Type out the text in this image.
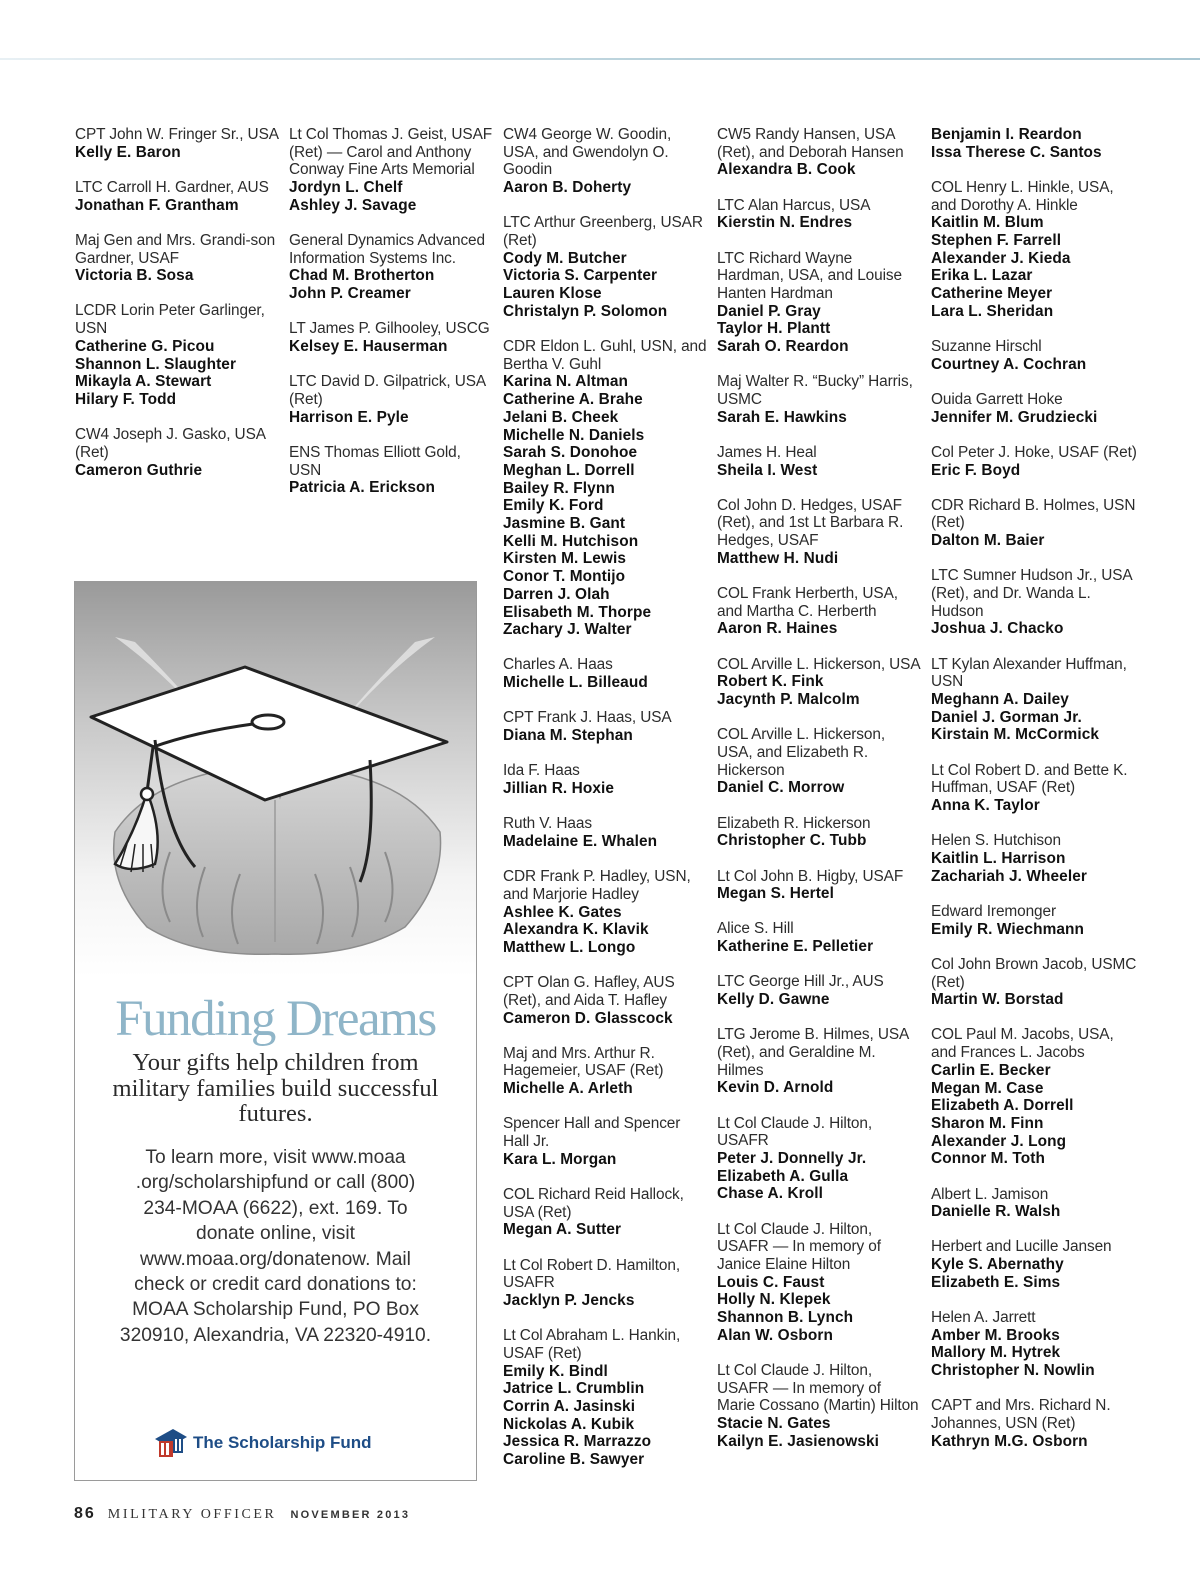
CPT John W. Fringer Sr., USA
Kelly E. Baron
LTC Carroll H. Gardner, AUS
Jonathan F. Grantham
Maj Gen and Mrs. Grandi-son Gardner, USAF
Victoria B. Sosa
LCDR Lorin Peter Garlinger, USN
Catherine G. Picou
Shannon L. Slaughter
Mikayla A. Stewart
Hilary F. Todd
CW4 Joseph J. Gasko, USA (Ret)
Cameron Guthrie
Lt Col Thomas J. Geist, USAF (Ret) — Carol and Anthony Conway Fine Arts Memorial
Jordyn L. Chelf
Ashley J. Savage
General Dynamics Advanced Information Systems Inc.
Chad M. Brotherton
John P. Creamer
LT James P. Gilhooley, USCG
Kelsey E. Hauserman
LTC David D. Gilpatrick, USA (Ret)
Harrison E. Pyle
ENS Thomas Elliott Gold, USN
Patricia A. Erickson
CW4 George W. Goodin, USA, and Gwendolyn O. Goodin
Aaron B. Doherty
LTC Arthur Greenberg, USAR (Ret)
Cody M. Butcher
Victoria S. Carpenter
Lauren Klose
Christalyn P. Solomon
CDR Eldon L. Guhl, USN, and Bertha V. Guhl
Karina N. Altman
Catherine A. Brahe
Jelani B. Cheek
Michelle N. Daniels
Sarah S. Donohoe
Meghan L. Dorrell
Bailey R. Flynn
Emily K. Ford
Jasmine B. Gant
Kelli M. Hutchison
Kirsten M. Lewis
Conor T. Montijo
Darren J. Olah
Elisabeth M. Thorpe
Zachary J. Walter
Charles A. Haas
Michelle L. Billeaud
CPT Frank J. Haas, USA
Diana M. Stephan
Ida F. Haas
Jillian R. Hoxie
Ruth V. Haas
Madelaine E. Whalen
CDR Frank P. Hadley, USN, and Marjorie Hadley
Ashlee K. Gates
Alexandra K. Klavik
Matthew L. Longo
CPT Olan G. Hafley, AUS (Ret), and Aida T. Hafley
Cameron D. Glasscock
Maj and Mrs. Arthur R. Hagemeier, USAF (Ret)
Michelle A. Arleth
Spencer Hall and Spencer Hall Jr.
Kara L. Morgan
COL Richard Reid Hallock, USA (Ret)
Megan A. Sutter
Lt Col Robert D. Hamilton, USAFR
Jacklyn P. Jencks
Lt Col Abraham L. Hankin, USAF (Ret)
Emily K. Bindl
Jatrice L. Crumblin
Corrin A. Jasinski
Nickolas A. Kubik
Jessica R. Marrazzo
Caroline B. Sawyer
CW5 Randy Hansen, USA (Ret), and Deborah Hansen
Alexandra B. Cook
LTC Alan Harcus, USA
Kierstin N. Endres
LTC Richard Wayne Hardman, USA, and Louise Hanten Hardman
Daniel P. Gray
Taylor H. Plantt
Sarah O. Reardon
Maj Walter R. “Bucky” Harris, USMC
Sarah E. Hawkins
James H. Heal
Sheila I. West
Col John D. Hedges, USAF (Ret), and 1st Lt Barbara R. Hedges, USAF
Matthew H. Nudi
COL Frank Herberth, USA, and Martha C. Herberth
Aaron R. Haines
COL Arville L. Hickerson, USA
Robert K. Fink
Jacynth P. Malcolm
COL Arville L. Hickerson, USA, and Elizabeth R. Hickerson
Daniel C. Morrow
Elizabeth R. Hickerson
Christopher C. Tubb
Lt Col John B. Higby, USAF
Megan S. Hertel
Alice S. Hill
Katherine E. Pelletier
LTC George Hill Jr., AUS
Kelly D. Gawne
LTG Jerome B. Hilmes, USA (Ret), and Geraldine M. Hilmes
Kevin D. Arnold
Lt Col Claude J. Hilton, USAFR
Peter J. Donnelly Jr.
Elizabeth A. Gulla
Chase A. Kroll
Lt Col Claude J. Hilton, USAFR — In memory of Janice Elaine Hilton
Louis C. Faust
Holly N. Klepek
Shannon B. Lynch
Alan W. Osborn
Lt Col Claude J. Hilton, USAFR — In memory of Marie Cossano (Martin) Hilton
Stacie N. Gates
Kailyn E. Jasienowski
Benjamin I. Reardon
Issa Therese C. Santos
COL Henry L. Hinkle, USA, and Dorothy A. Hinkle
Kaitlin M. Blum
Stephen F. Farrell
Alexander J. Kieda
Erika L. Lazar
Catherine Meyer
Lara L. Sheridan
Suzanne Hirschl
Courtney A. Cochran
Ouida Garrett Hoke
Jennifer M. Grudziecki
Col Peter J. Hoke, USAF (Ret)
Eric F. Boyd
CDR Richard B. Holmes, USN (Ret)
Dalton M. Baier
LTC Sumner Hudson Jr., USA (Ret), and Dr. Wanda L. Hudson
Joshua J. Chacko
LT Kylan Alexander Huffman, USN
Meghann A. Dailey
Daniel J. Gorman Jr.
Kirstain M. McCormick
Lt Col Robert D. and Bette K. Huffman, USAF (Ret)
Anna K. Taylor
Helen S. Hutchison
Kaitlin L. Harrison
Zachariah J. Wheeler
Edward Iremonger
Emily R. Wiechmann
Col John Brown Jacob, USMC (Ret)
Martin W. Borstad
COL Paul M. Jacobs, USA, and Frances L. Jacobs
Carlin E. Becker
Megan M. Case
Elizabeth A. Dorrell
Sharon M. Finn
Alexander J. Long
Connor M. Toth
Albert L. Jamison
Danielle R. Walsh
Herbert and Lucille Jansen
Kyle S. Abernathy
Elizabeth E. Sims
Helen A. Jarrett
Amber M. Brooks
Mallory M. Hytrek
Christopher N. Nowlin
CAPT and Mrs. Richard N. Johannes, USN (Ret)
Kathryn M.G. Osborn
Funding Dreams
Your gifts help children from military families build successful futures.
To learn more, visit www.moaa .org/scholarshipfund or call (800) 234-MOAA (6622), ext. 169. To donate online, visit www.moaa.org/donatenow. Mail check or credit card donations to: MOAA Scholarship Fund, PO Box 320910, Alexandria, VA 22320-4910.
The Scholarship Fund
86 MILITARY OFFICER NOVEMBER 2013
